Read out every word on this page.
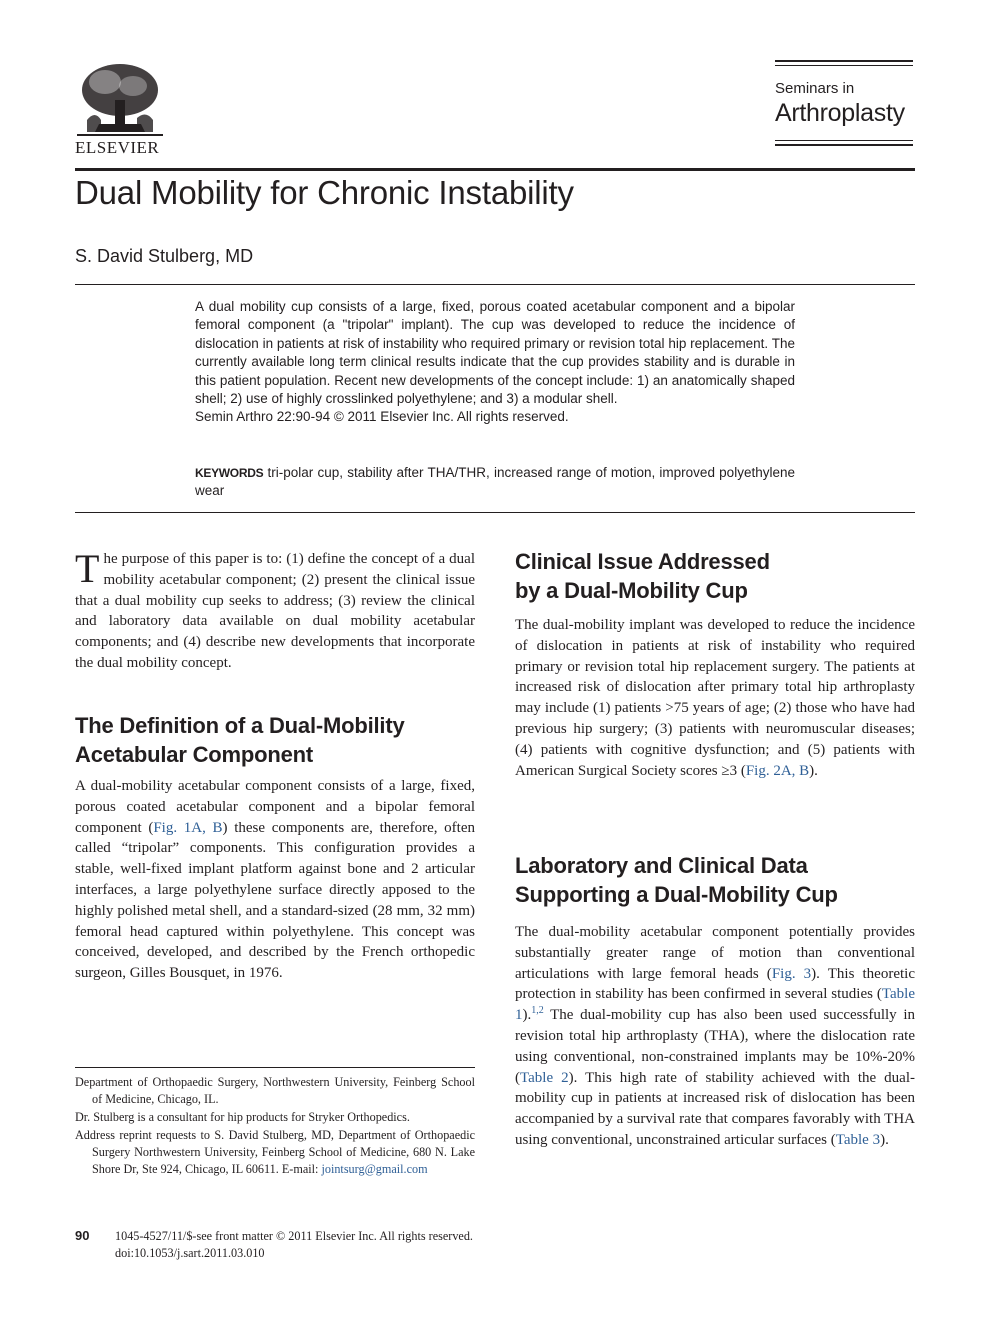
ELSEVIER
Seminars in
Arthroplasty
Dual Mobility for Chronic Instability
S. David Stulberg, MD

A dual mobility cup consists of a large, fixed, porous coated acetabular component and a bipolar femoral component (a "tripolar" implant). The cup was developed to reduce the incidence of dislocation in patients at risk of instability who required primary or revision total hip replacement. The currently available long term clinical results indicate that the cup provides stability and is durable in this patient population. Recent new developments of the concept include: 1) an anatomically shaped shell; 2) use of highly crosslinked polyethylene; and 3) a modular shell.

Semin Arthro 22:90-94 © 2011 Elsevier Inc. All rights reserved.

KEYWORDS tri-polar cup, stability after THA/THR, increased range of motion, improved polyethylene wear
The purpose of this paper is to: (1) define the concept of a dual mobility acetabular component; (2) present the clinical issue that a dual mobility cup seeks to address; (3) review the clinical and laboratory data available on dual mobility acetabular components; and (4) describe new developments that incorporate the dual mobility concept.
The Definition of a Dual-Mobility
Acetabular Component

A dual-mobility acetabular component consists of a large, fixed, porous coated acetabular component and a bipolar femoral component (Fig. 1A, B) these components are, therefore, often called “tripolar” components. This configuration provides a stable, well-fixed implant platform against bone and 2 articular interfaces, a large polyethylene surface directly apposed to the highly polished metal shell, and a standard-sized (28 mm, 32 mm) femoral head captured within polyethylene. This concept was conceived, developed, and described by the French orthopedic surgeon, Gilles Bousquet, in 1976.

Clinical Issue Addressed
by a Dual-Mobility Cup

The dual-mobility implant was developed to reduce the incidence of dislocation in patients at risk of instability who required primary or revision total hip replacement surgery. The patients at increased risk of dislocation after primary total hip arthroplasty may include (1) patients >75 years of age; (2) those who have had previous hip surgery; (3) patients with neuromuscular diseases; (4) patients with cognitive dysfunction; and (5) patients with American Surgical Society scores ≥3 (Fig. 2A, B).

Laboratory and Clinical Data
Supporting a Dual-Mobility Cup

The dual-mobility acetabular component potentially provides substantially greater range of motion than conventional articulations with large femoral heads (Fig. 3). This theoretic protection in stability has been confirmed in several studies (Table 1).$^{1,2}$ The dual-mobility cup has also been used successfully in revision total hip arthroplasty (THA), where the dislocation rate using conventional, non-constrained implants may be 10%-20% (Table 2). This high rate of stability achieved with the dual-mobility cup in patients at increased risk of dislocation has been accompanied by a survival rate that compares favorably with THA using conventional, unconstrained articular surfaces (Table 3).

Department of Orthopaedic Surgery, Northwestern University, Feinberg School of Medicine, Chicago, IL.

Dr. Stulberg is a consultant for hip products for Stryker Orthopedics.

Address reprint requests to S. David Stulberg, MD, Department of Orthopaedic Surgery Northwestern University, Feinberg School of Medicine, 680 N. Lake Shore Dr, Ste 924, Chicago, IL 60611. E-mail: jointsurg@gmail.com

90 1045-4527/11/$-see front matter © 2011 Elsevier Inc. All rights reserved.
doi:10.1053/j.sart.2011.03.010
